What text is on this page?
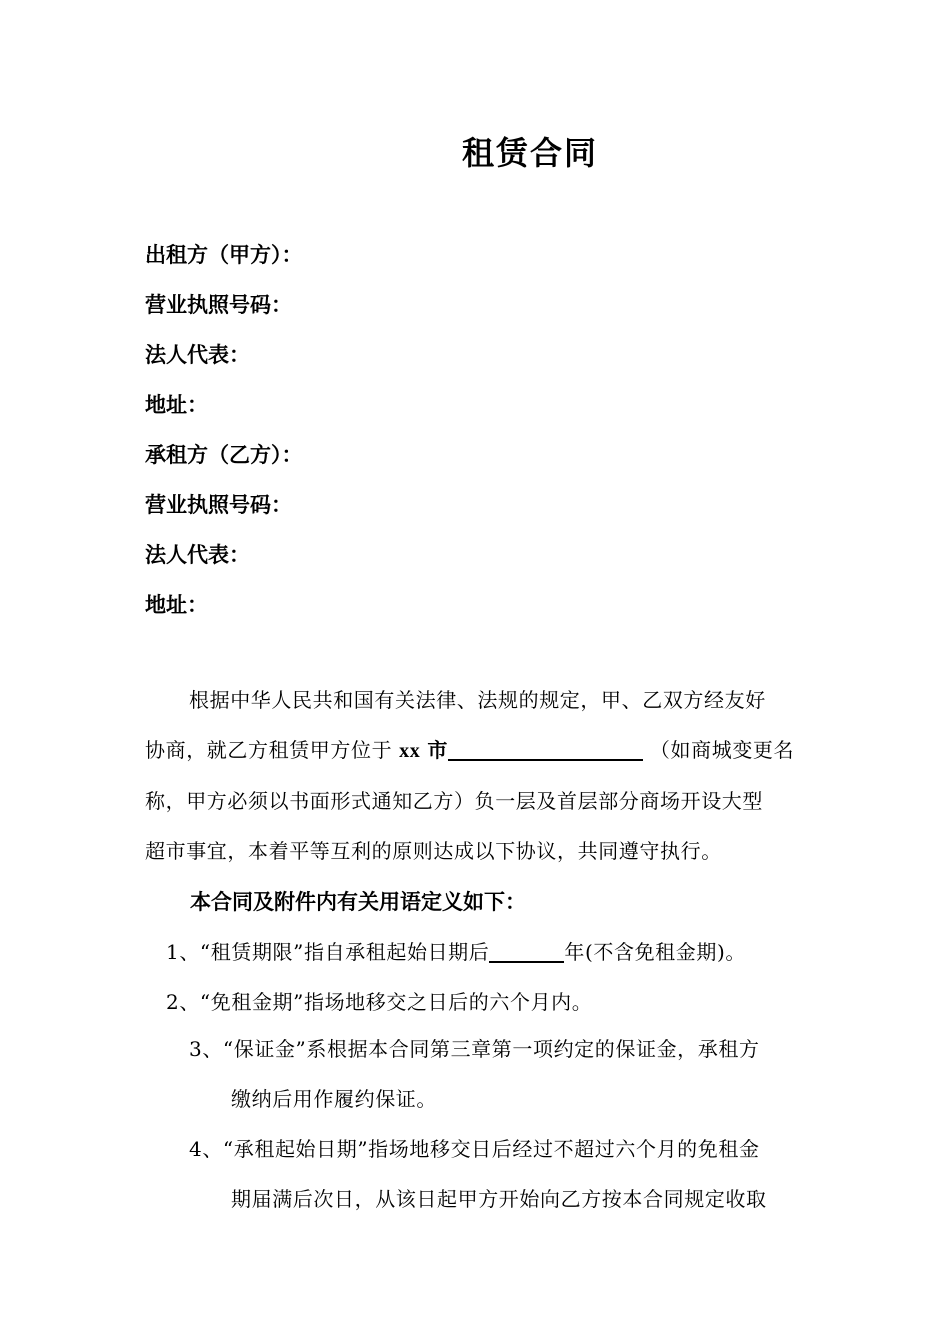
租赁合同
出租方（甲方）：
营业执照号码：
法人代表：
地址：
承租方（乙方）：
营业执照号码：
法人代表：
地址：
根据中华人民共和国有关法律、法规的规定，甲、乙双方经友好
协商，就乙方租赁甲方位于 xx 市	（如商城变更名
称，甲方必须以书面形式通知乙方）负一层及首层部分商场开设大型
超市事宜，本着平等互利的原则达成以下协议，共同遵守执行。
本合同及附件内有关用语定义如下：
1、“租赁期限”指自承租起始日期后	年(不含免租金期)。
2、“免租金期”指场地移交之日后的六个月内。
3、“保证金”系根据本合同第三章第一项约定的保证金，承租方
缴纳后用作履约保证。
4、“承租起始日期”指场地移交日后经过不超过六个月的免租金
期届满后次日，从该日起甲方开始向乙方按本合同规定收取
